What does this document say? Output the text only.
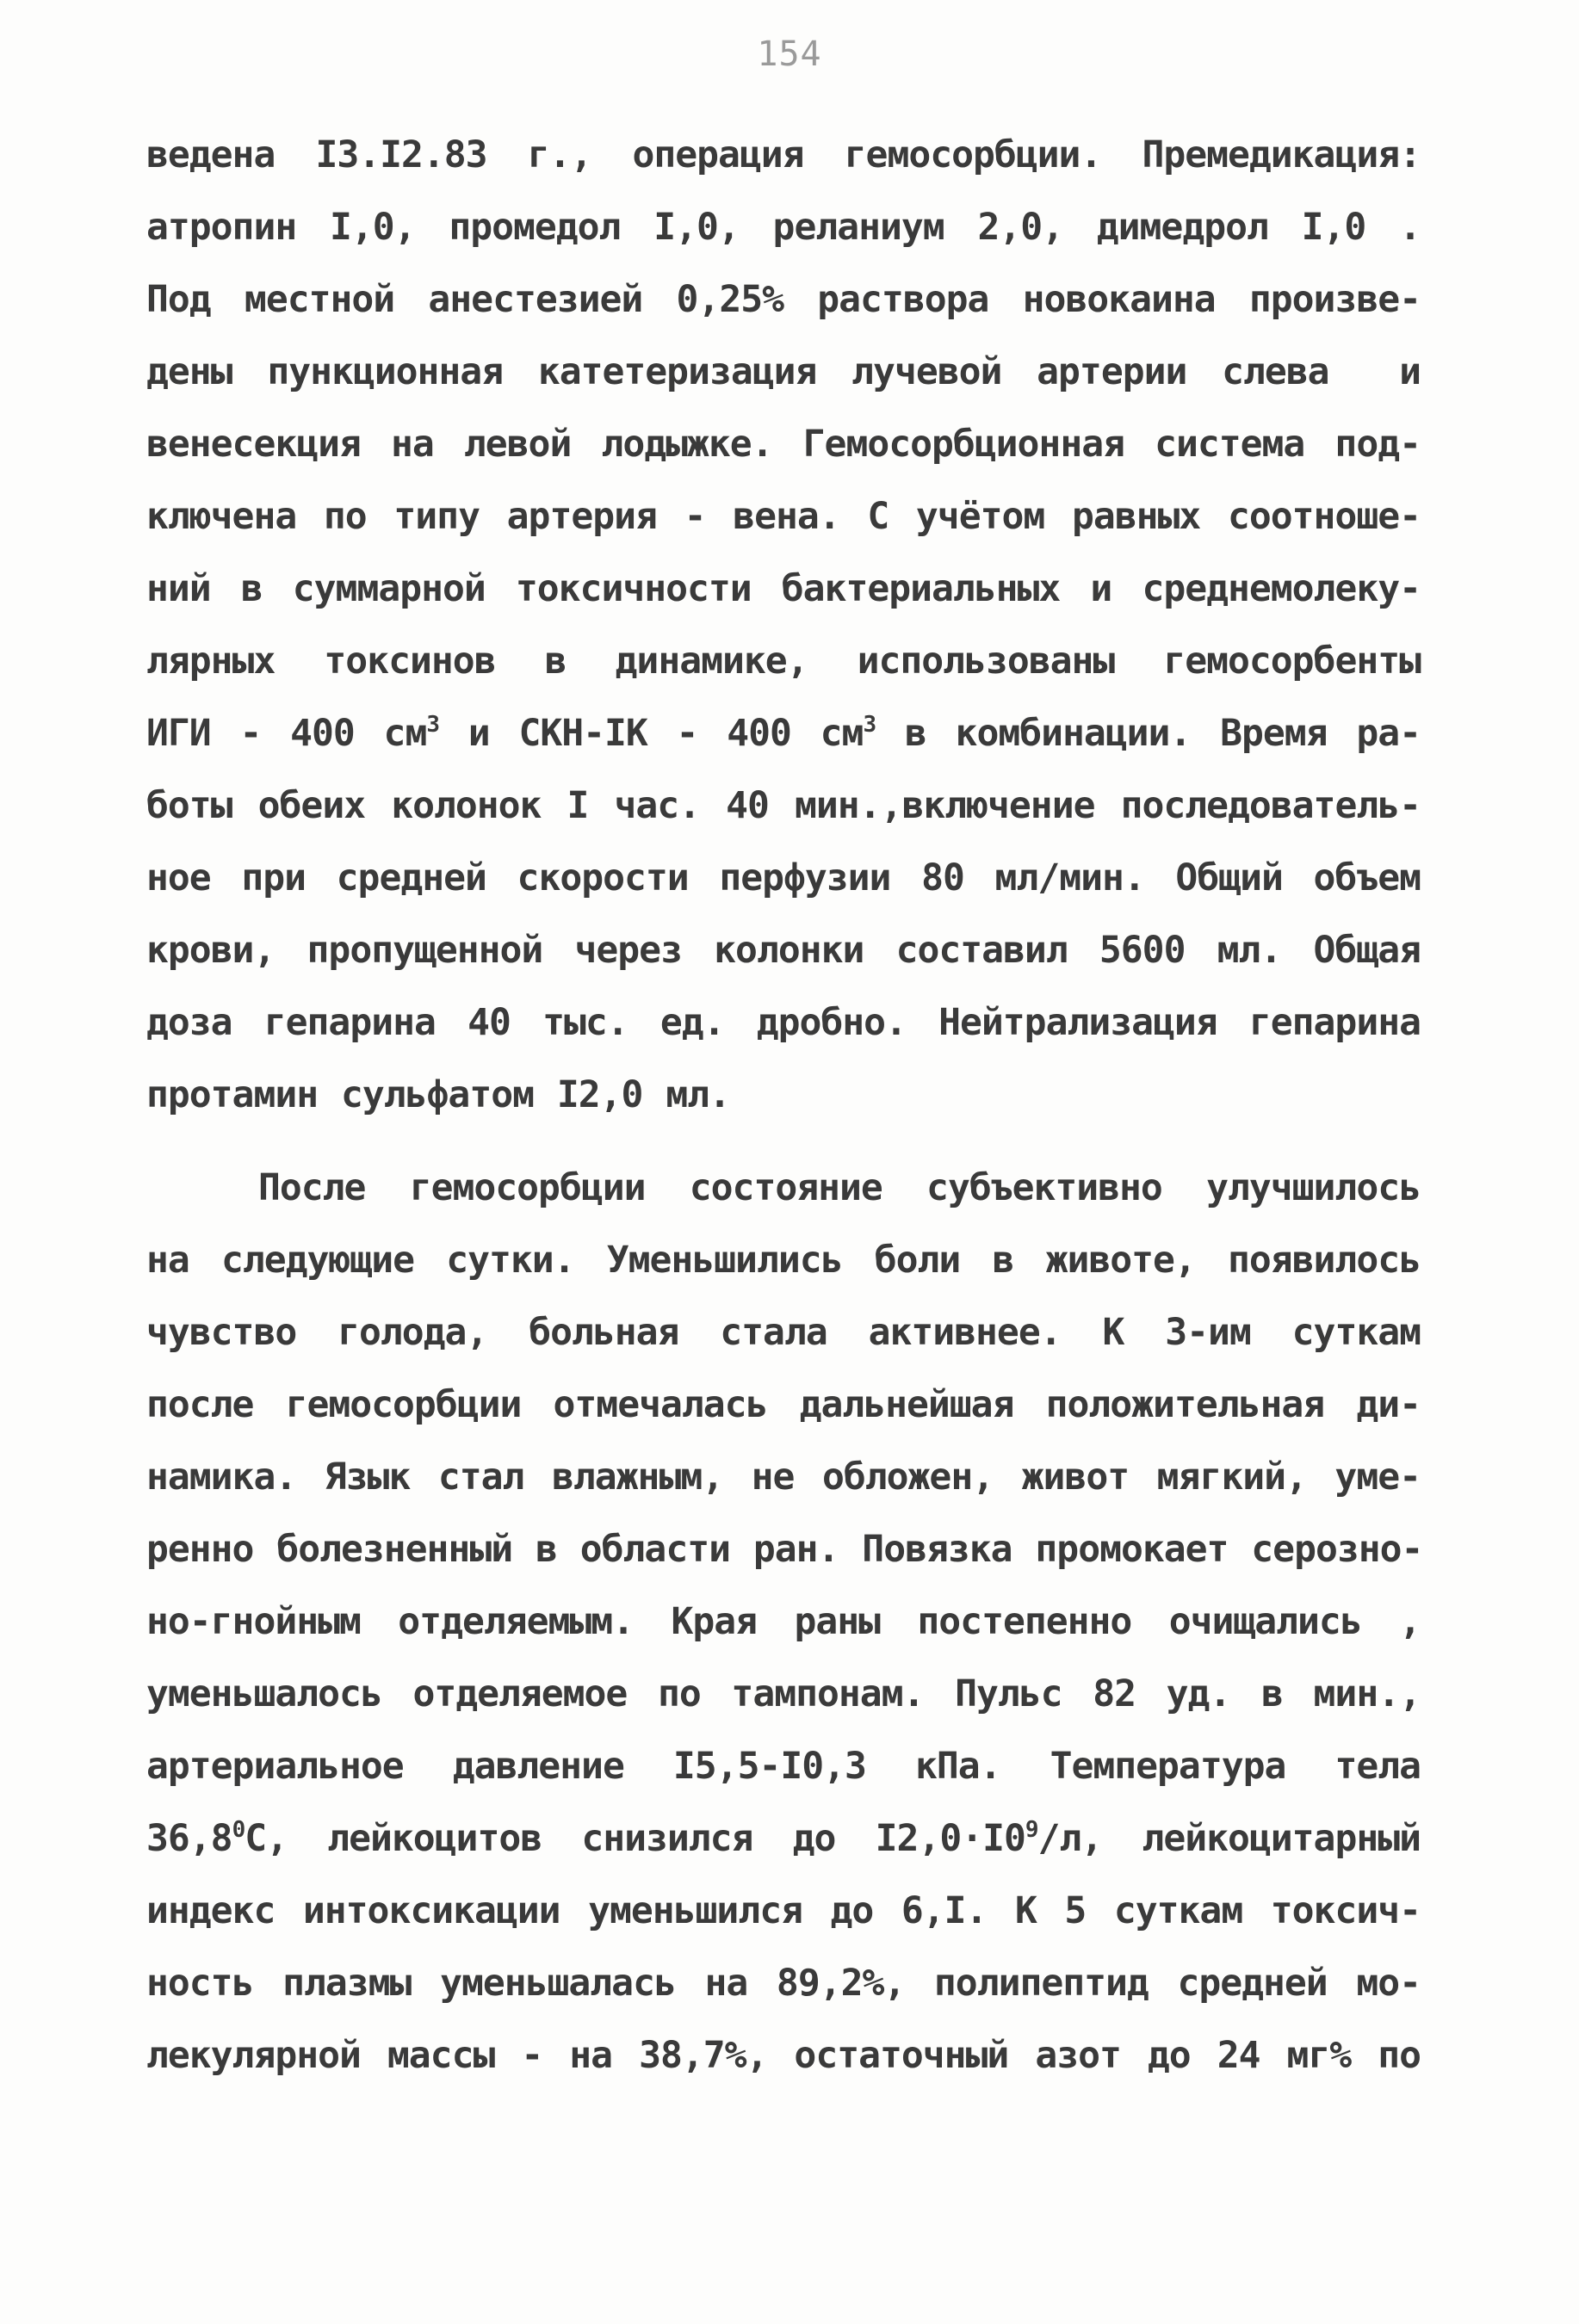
154
ведена I3.I2.83 г., операция гемосорбции. Премедикация:
атропин I,0, промедол I,0, реланиум 2,0, димедрол I,0 .
Под местной анестезией 0,25% раствора новокаина произве-
дены пункционная катетеризация лучевой артерии слева  и
венесекция на левой лодыжке. Гемосорбционная система под-
ключена по типу артерия - вена. С учётом равных соотноше-
ний в суммарной токсичности бактериальных и среднемолеку-
лярных токсинов в динамике, использованы гемосорбенты
ИГИ - 400 $см^3$ и СКН-IК - 400 $см^3$ в комбинации. Время ра-
боты обеих колонок I час. 40 мин.,включение последователь-
ное при средней скорости перфузии 80 мл/мин. Общий объем
крови, пропущенной через колонки составил 5600 мл. Общая
доза гепарина 40 тыс. ед. дробно. Нейтрализация гепарина
протамин сульфатом I2,0 мл.
После гемосорбции состояние субъективно улучшилось
на следующие сутки. Уменьшились боли в животе, появилось
чувство голода, больная стала активнее. К 3-им суткам
после гемосорбции отмечалась дальнейшая положительная ди-
намика. Язык стал влажным, не обложен, живот мягкий, уме-
ренно болезненный в области ран. Повязка промокает серозно-
но-гнойным отделяемым. Края раны постепенно очищались ,
уменьшалось отделяемое по тампонам. Пульс 82 уд. в мин.,
артериальное давление I5,5-I0,3 кПа. Температура тела
36,8$^0$С, лейкоцитов снизился до $I2,0\cdot I0^9/л$, лейкоцитарный
индекс интоксикации уменьшился до 6,I. К 5 суткам токсич-
ность плазмы уменьшалась на 89,2%, полипептид средней мо-
лекулярной массы - на 38,7%, остаточный азот до 24 мг% по
